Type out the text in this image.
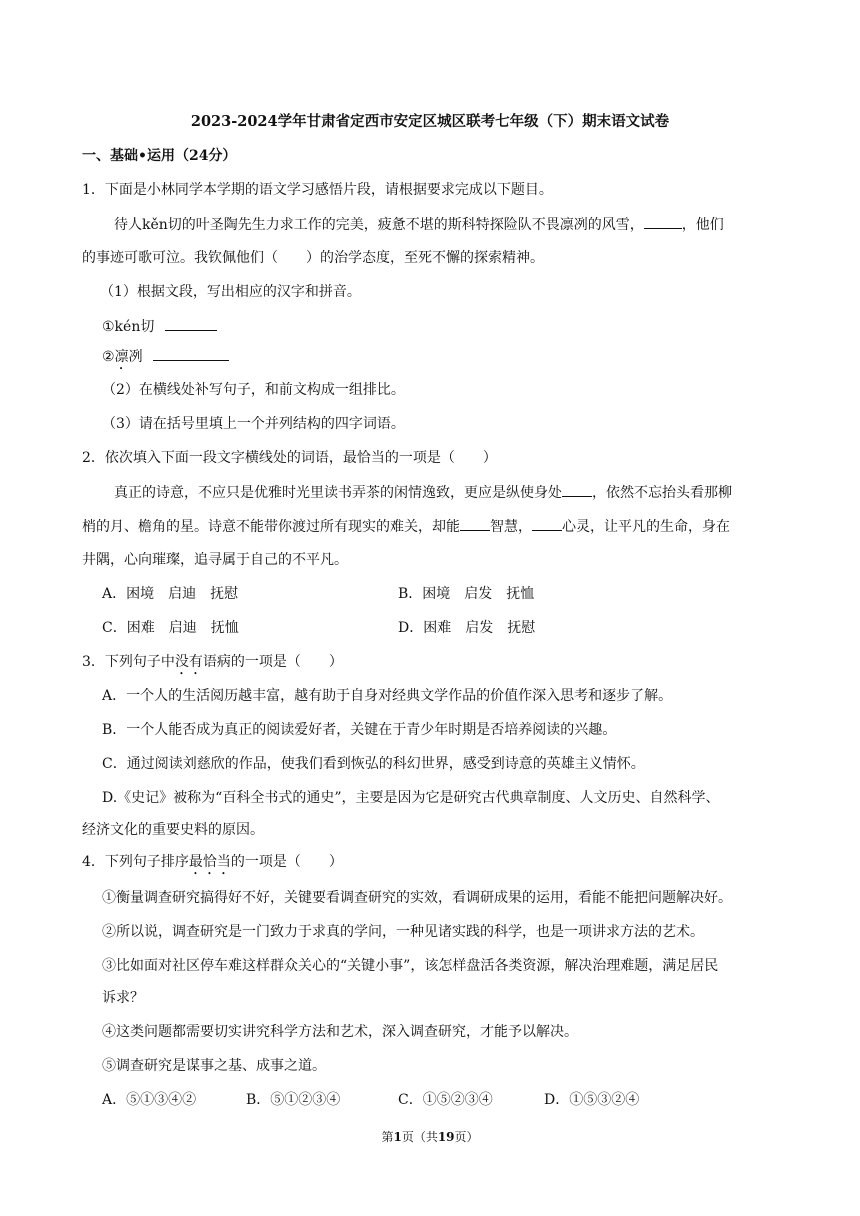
2023-2024学年甘肃省定西市安定区城区联考七年级（下）期末语文试卷
一、基础•运用（24分）
1．下面是小林同学本学期的语文学习感悟片段，请根据要求完成以下题目。
待人kěn切的叶圣陶先生力求工作的完美，疲惫不堪的斯科特探险队不畏凛冽的风雪，	，他们
的事迹可歌可泣。我钦佩他们（　　）的治学态度，至死不懈的探索精神。
（1）根据文段，写出相应的汉字和拼音。
①kén切
②凛冽
（2）在横线处补写句子，和前文构成一组排比。
（3）请在括号里填上一个并列结构的四字词语。
2．依次填入下面一段文字横线处的词语，最恰当的一项是（　　）
真正的诗意，不应只是优雅时光里读书弄茶的闲情逸致，更应是纵使身处 ，依然不忘抬头看那柳
梢的月、檐角的星。诗意不能带你渡过所有现实的难关，却能 智慧， 心灵，让平凡的生命，身在
井隅，心向璀璨，追寻属于自己的不平凡。
A．困境　启迪　抚慰	B．困境　启发　抚恤
C．困难　启迪　抚恤	D．困难　启发　抚慰
3．下列句子中没有语病的一项是（　　）
A．一个人的生活阅历越丰富，越有助于自身对经典文学作品的价值作深入思考和逐步了解。
B．一个人能否成为真正的阅读爱好者，关键在于青少年时期是否培养阅读的兴趣。
C．通过阅读刘慈欣的作品，使我们看到恢弘的科幻世界，感受到诗意的英雄主义情怀。
D.《史记》被称为“百科全书式的通史”，主要是因为它是研究古代典章制度、人文历史、自然科学、
经济文化的重要史料的原因。
4．下列句子排序最恰当的一项是（　　）
①衡量调查研究搞得好不好，关键要看调查研究的实效，看调研成果的运用，看能不能把问题解决好。
②所以说，调查研究是一门致力于求真的学问，一种见诸实践的科学，也是一项讲求方法的艺术。
③比如面对社区停车难这样群众关心的“关键小事”，该怎样盘活各类资源，解决治理难题，满足居民
诉求？
④这类问题都需要切实讲究科学方法和艺术，深入调查研究，才能予以解决。
⑤调查研究是谋事之基、成事之道。
A．⑤①③④②	B．⑤①②③④	C．①⑤②③④	D．①⑤③②④
第1页（共19页）
